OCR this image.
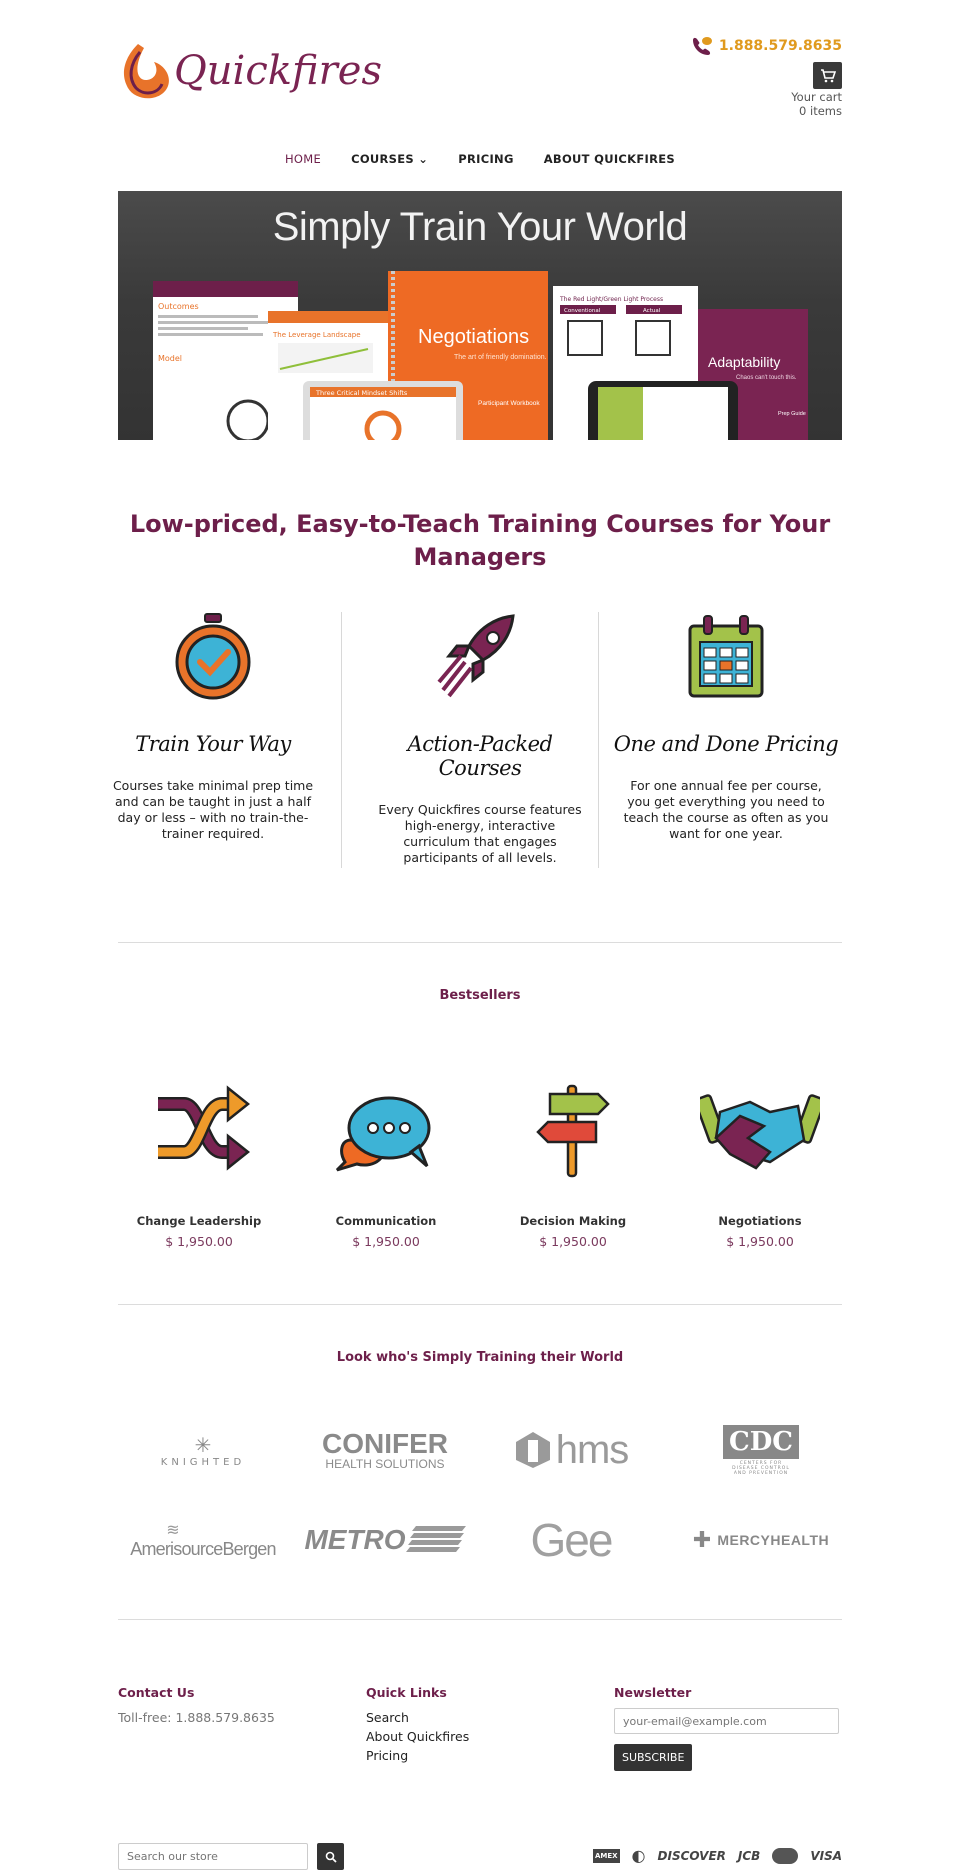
Quickfires
1.888.579.8635
Your cart
0 items
HOME	COURSES ⌄	PRICING	ABOUT QUICKFIRES
Simply Train Your World
Outcomes
Model
The Leverage Landscape	Negotiations
The art of friendly domination.
Participant Workbook
Three Critical Mindset Shifts
The Red Light/Green Light Process
Conventional	Actual
Adaptability
Chaos can't touch this.
Prep Guide
Low-priced, Easy-to-Teach Training Courses for Your Managers
Train Your Way
Courses take minimal prep time and can be taught in just a half day or less – with no train-the-trainer required.
Action-Packed Courses
Every Quickfires course features high-energy, interactive curriculum that engages participants of all levels.
One and Done Pricing
For one annual fee per course, you get everything you need to teach the course as often as you want for one year.
Bestsellers
Change Leadership
$ 1,950.00
Communication
$ 1,950.00
Decision Making
$ 1,950.00
Negotiations
$ 1,950.00
Look who's Simply Training their World
✳
KNIGHTED
CONIFER
HEALTH SOLUTIONS	hms	CDC
CENTERS FOR DISEASE CONTROL AND PREVENTION
≋
AmerisourceBergen METRO	Gee	✚ MERCYHEALTH
Contact Us

Toll-free: 1.888.579.8635

Quick Links
Search
About Quickfires
Pricing
Newsletter
your-email@example.com
SUBSCRIBE
Search our store
AMEX ◐ DISCOVER JCB	VISA
